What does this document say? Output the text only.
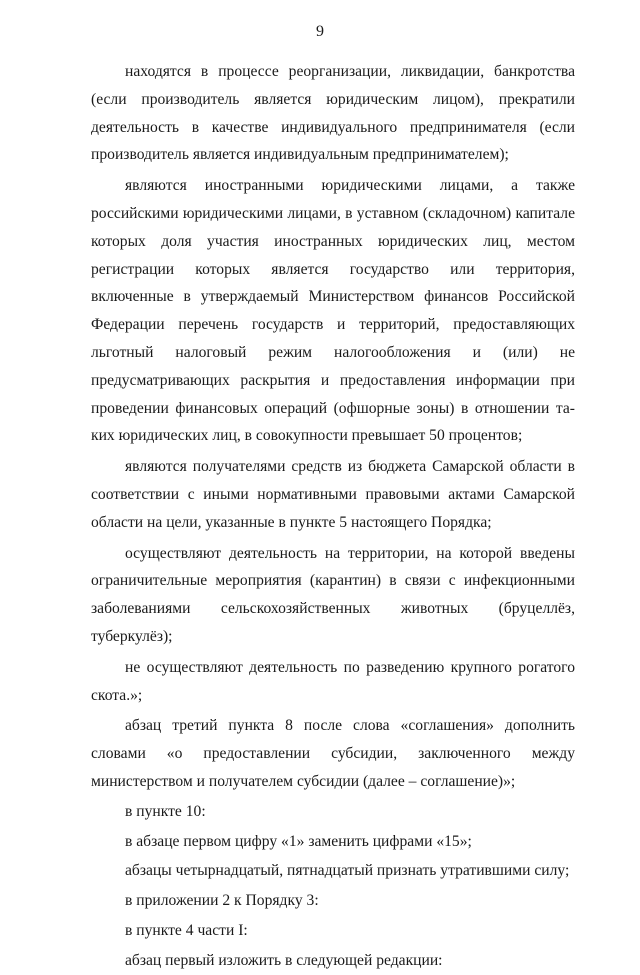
9

находятся в процессе реорганизации, ликвидации, банкротства (если производитель является юридическим лицом), прекратили деятельность в качестве индивидуального предпринимателя (если производитель является индивидуальным предпринимателем);

являются иностранными юридическими лицами, а также российскими юридическими лицами, в уставном (складочном) капитале которых доля участия иностранных юридических лиц, местом регистрации которых является государство или территория, включенные в утверждаемый Министерством финансов Российской Федерации перечень государств и территорий, предоставляющих льготный налоговый режим налогообложения и (или) не предусматривающих раскрытия и предоставления информации при проведении финансовых операций (офшорные зоны) в отношении таких юридических лиц, в совокупности превышает 50 процентов;

являются получателями средств из бюджета Самарской области в соответствии с иными нормативными правовыми актами Самарской области на цели, указанные в пункте 5 настоящего Порядка;

осуществляют деятельность на территории, на которой введены ограничительные мероприятия (карантин) в связи с инфекционными заболеваниями сельскохозяйственных животных (бруцеллёз, туберкулёз);

не осуществляют деятельность по разведению крупного рогатого скота.»;

абзац третий пункта 8 после слова «соглашения» дополнить словами «о предоставлении субсидии, заключенного между министерством и получателем субсидии (далее – соглашение)»;

в пункте 10:

в абзаце первом цифру «1» заменить цифрами «15»;

абзацы четырнадцатый, пятнадцатый признать утратившими силу;

в приложении 2 к Порядку 3:

в пункте 4 части I:

абзац первый изложить в следующей редакции:
